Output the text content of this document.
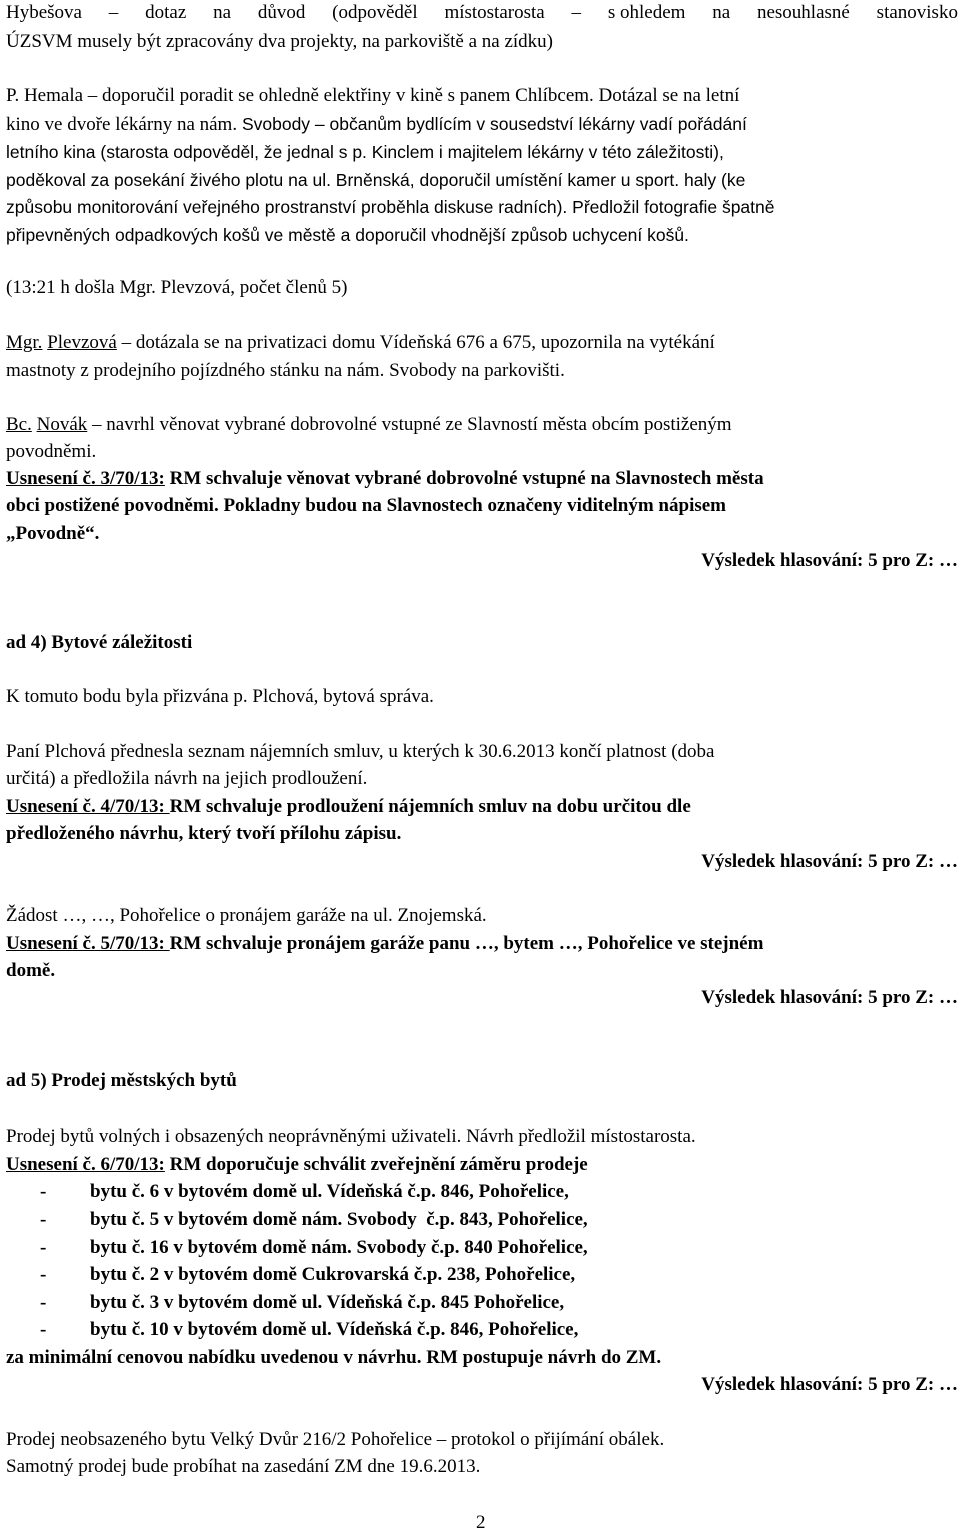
Hybešova – dotaz na důvod (odpověděl místostarosta – s ohledem na nesouhlasné stanovisko
ÚZSVM musely být zpracovány dva projekty, na parkoviště a na zídku)
P. Hemala – doporučil poradit se ohledně elektřiny v kině s panem Chlíbcem. Dotázal se na letní
kino ve dvoře lékárny na nám. Svobody – občanům bydlícím v sousedství lékárny vadí pořádání
letního kina (starosta odpověděl, že jednal s p. Kinclem i majitelem lékárny v této záležitosti),
poděkoval za posekání živého plotu na ul. Brněnská, doporučil umístění kamer u sport. haly (ke
způsobu monitorování veřejného prostranství proběhla diskuse radních). Předložil fotografie špatně
připevněných odpadkových košů ve městě a doporučil vhodnější způsob uchycení košů.
(13:21 h došla Mgr. Plevzová, počet členů 5)
Mgr. Plevzová – dotázala se na privatizaci domu Vídeňská 676 a 675, upozornila na vytékání
mastnoty z prodejního pojízdného stánku na nám. Svobody na parkovišti.
Bc. Novák – navrhl věnovat vybrané dobrovolné vstupné ze Slavností města obcím postiženým
povodněmi.
Usnesení č. 3/70/13: RM schvaluje věnovat vybrané dobrovolné vstupné na Slavnostech města
obci postižené povodněmi. Pokladny budou na Slavnostech označeny viditelným nápisem
„Povodně“.
Výsledek hlasování: 5 pro Z: …
ad 4) Bytové záležitosti
K tomuto bodu byla přizvána p. Plchová, bytová správa.
Paní Plchová přednesla seznam nájemních smluv, u kterých k 30.6.2013 končí platnost (doba
určitá) a předložila návrh na jejich prodloužení.
Usnesení č. 4/70/13: RM schvaluje prodloužení nájemních smluv na dobu určitou dle
předloženého návrhu, který tvoří přílohu zápisu.
Výsledek hlasování: 5 pro Z: …
Žádost …, …, Pohořelice o pronájem garáže na ul. Znojemská.
Usnesení č. 5/70/13: RM schvaluje pronájem garáže panu …, bytem …, Pohořelice ve stejném
domě.
Výsledek hlasování: 5 pro Z: …
ad 5) Prodej městských bytů
Prodej bytů volných i obsazených neoprávněnými uživateli. Návrh předložil místostarosta.
Usnesení č. 6/70/13: RM doporučuje schválit zveřejnění záměru prodeje
- bytu č. 6 v bytovém domě ul. Vídeňská č.p. 846, Pohořelice,
- bytu č. 5 v bytovém domě nám. Svobody  č.p. 843, Pohořelice,
- bytu č. 16 v bytovém domě nám. Svobody č.p. 840 Pohořelice,
- bytu č. 2 v bytovém domě Cukrovarská č.p. 238, Pohořelice,
- bytu č. 3 v bytovém domě ul. Vídeňská č.p. 845 Pohořelice,
- bytu č. 10 v bytovém domě ul. Vídeňská č.p. 846, Pohořelice,
za minimální cenovou nabídku uvedenou v návrhu. RM postupuje návrh do ZM.
Výsledek hlasování: 5 pro Z: …
Prodej neobsazeného bytu Velký Dvůr 216/2 Pohořelice – protokol o přijímání obálek.
Samotný prodej bude probíhat na zasedání ZM dne 19.6.2013.
2
